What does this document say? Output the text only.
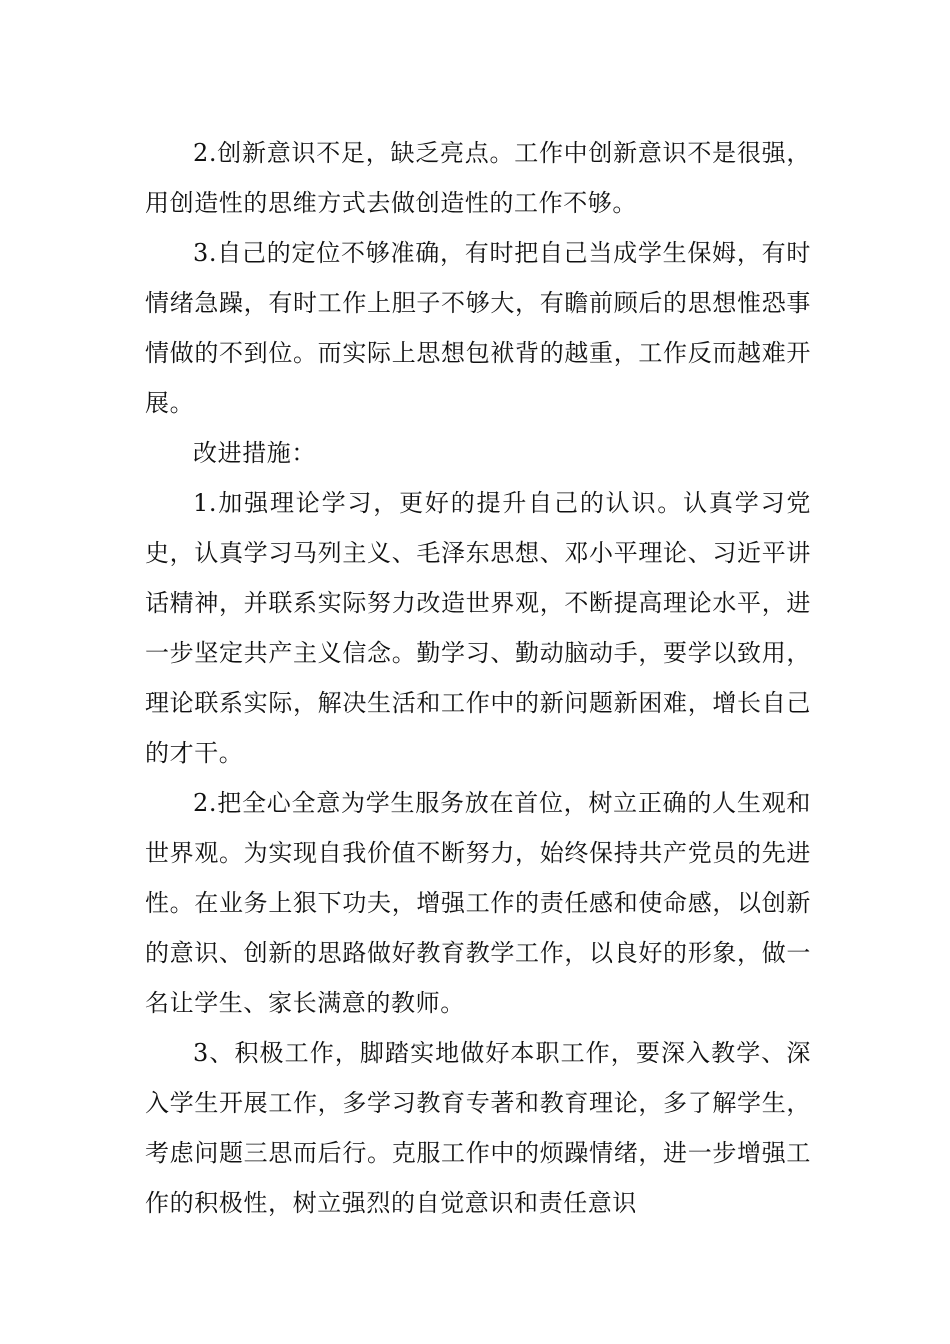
2.创新意识不足，缺乏亮点。工作中创新意识不是很强，用创造性的思维方式去做创造性的工作不够。

3.自己的定位不够准确，有时把自己当成学生保姆，有时情绪急躁，有时工作上胆子不够大，有瞻前顾后的思想惟恐事情做的不到位。而实际上思想包袱背的越重，工作反而越难开展。

改进措施：

1.加强理论学习，更好的提升自己的认识。认真学习党史，认真学习马列主义、毛泽东思想、邓小平理论、习近平讲话精神，并联系实际努力改造世界观，不断提高理论水平，进一步坚定共产主义信念。勤学习、勤动脑动手，要学以致用，理论联系实际，解决生活和工作中的新问题新困难，增长自己的才干。

2.把全心全意为学生服务放在首位，树立正确的人生观和世界观。为实现自我价值不断努力，始终保持共产党员的先进性。在业务上狠下功夫，增强工作的责任感和使命感，以创新的意识、创新的思路做好教育教学工作，以良好的形象，做一名让学生、家长满意的教师。

3、积极工作，脚踏实地做好本职工作，要深入教学、深入学生开展工作，多学习教育专著和教育理论，多了解学生，考虑问题三思而后行。克服工作中的烦躁情绪，进一步增强工作的积极性，树立强烈的自觉意识和责任意识
